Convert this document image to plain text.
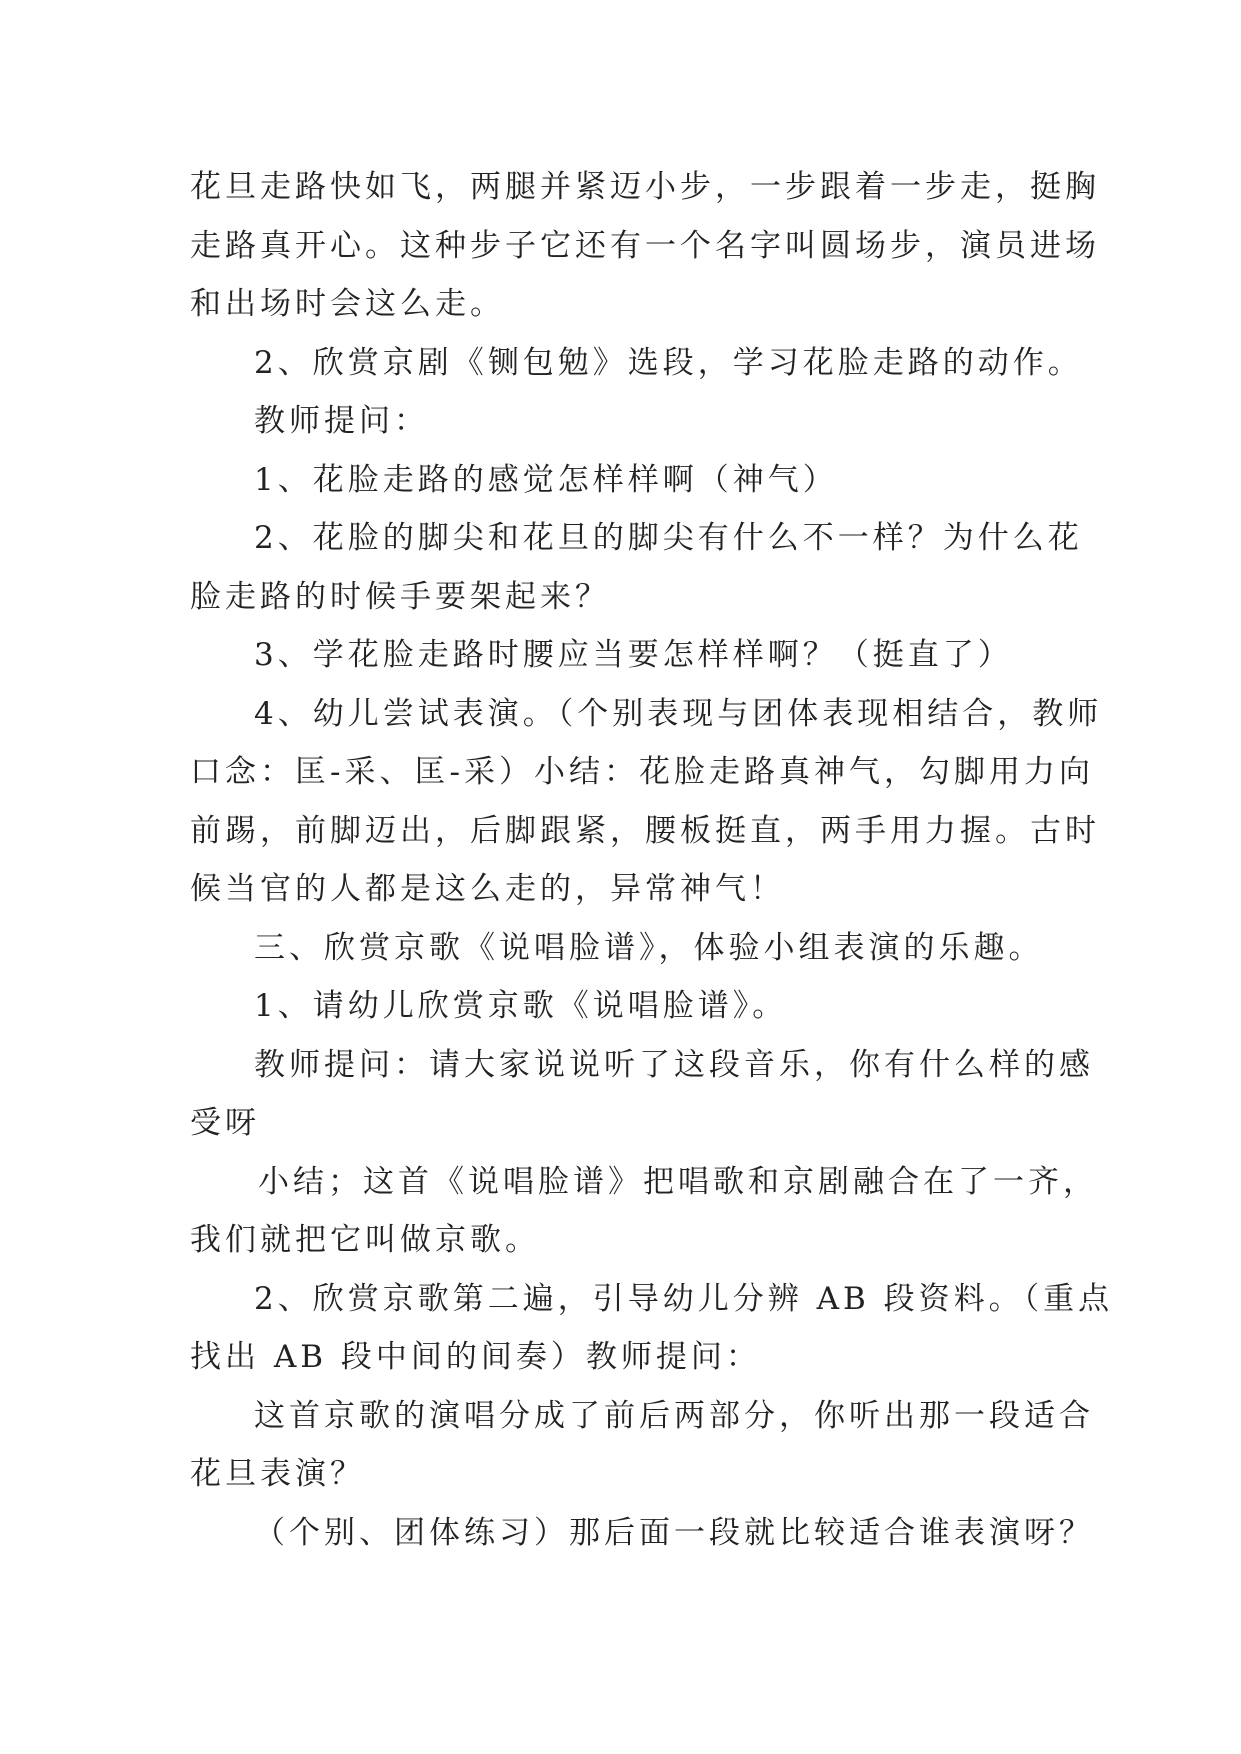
花旦走路快如飞，两腿并紧迈小步，一步跟着一步走，挺胸
走路真开心。这种步子它还有一个名字叫圆场步，演员进场
和出场时会这么走。
2、欣赏京剧《铡包勉》选段，学习花脸走路的动作。
教师提问：
1、花脸走路的感觉怎样样啊（神气）
2、花脸的脚尖和花旦的脚尖有什么不一样？为什么花
脸走路的时候手要架起来？
3、学花脸走路时腰应当要怎样样啊？（挺直了）
4、幼儿尝试表演。（个别表现与团体表现相结合，教师
口念：匡-采、匡-采）小结：花脸走路真神气，勾脚用力向
前踢，前脚迈出，后脚跟紧，腰板挺直，两手用力握。古时
候当官的人都是这么走的，异常神气！
三、欣赏京歌《说唱脸谱》，体验小组表演的乐趣。
1、请幼儿欣赏京歌《说唱脸谱》。
教师提问：请大家说说听了这段音乐，你有什么样的感
受呀
小结；这首《说唱脸谱》把唱歌和京剧融合在了一齐，
我们就把它叫做京歌。
2、欣赏京歌第二遍，引导幼儿分辨 AB 段资料。（重点
找出 AB 段中间的间奏）教师提问：
这首京歌的演唱分成了前后两部分，你听出那一段适合
花旦表演？
（个别、团体练习）那后面一段就比较适合谁表演呀？
